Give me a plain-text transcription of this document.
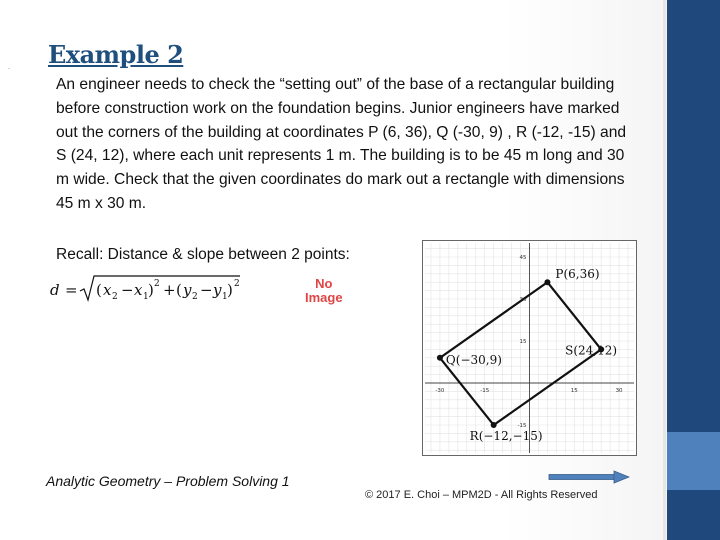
. Example 2
An engineer needs to check the “setting out” of the base of a rectangular building before construction work on the foundation begins. Junior engineers have marked out the corners of the building at coordinates P (6, 36), Q (-30, 9) , R (-12, -15) and S (24, 12), where each unit represents 1 m. The building is to be 45 m long and 30 m wide. Check that the given coordinates do mark out a rectangle with dimensions 45 m x 30 m.
Recall: Distance & slope between 2 points:
d = ( x 2 − x 1 ) 2 + ( y 2 − y 1 ) 2	No
Image
-30	-15	15	30
45
30
15
-15
P(6,36)
Q(−30,9)
R(−12,−15)
S(24,12)
Analytic Geometry – Problem Solving 1
© 2017 E. Choi – MPM2D - All Rights Reserved
